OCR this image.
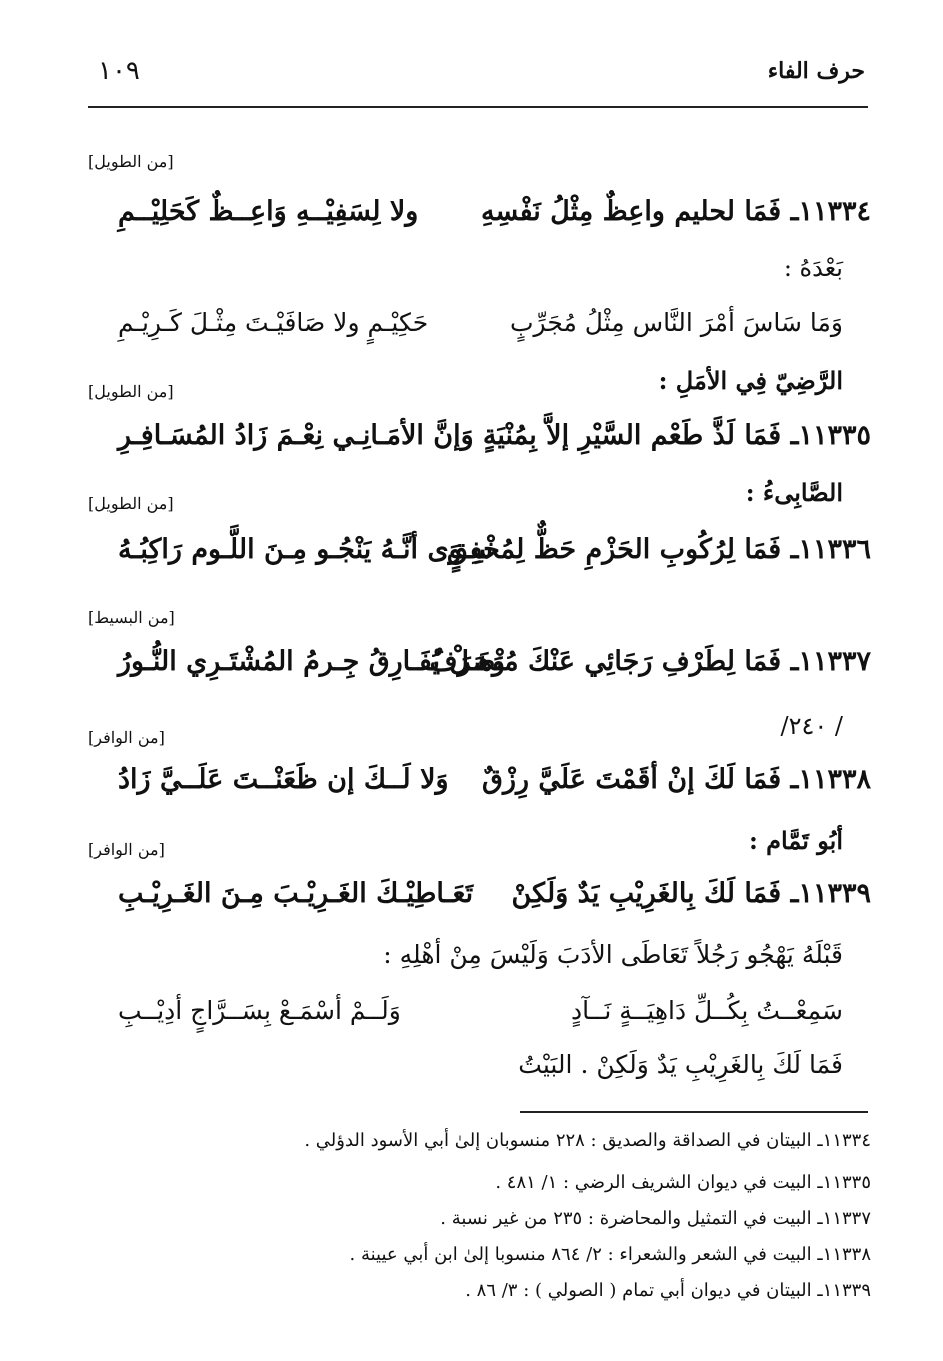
حرف الفاء
١٠٩
[من الطويل]
١١٣٣٤ـ فَمَا لحليم واعِظٌ مِثْلُ نَفْسِهِ
ولا لِسَفِيْــهِ وَاعِــظٌ كَحَلِيْــمِ
بَعْدَهُ :
وَمَا سَاسَ أمْرَ النَّاس مِثْلُ مُجَرِّبٍ
حَكِيْـمٍ ولا صَافَيْـتَ مِثْـلَ كَـرِيْـمِ
الرَّضِيّ فِي الأمَلِ :
[من الطويل]
١١٣٣٥ـ فَمَا لَذَّ طَعْم السَّيْرِ إلاَّ بِمُنْيَةٍ
وَإنَّ الأمَـانِـي نِعْـمَ زَادُ المُسَـافِـرِ
الصَّابِىءُ :
[من الطويل]
١١٣٣٦ـ فَمَا لِرُكُوبِ الحَزْمِ حَظٌّ لِمُخْفِقٍ
سِـوَى أنَّـهُ يَنْجُـو مِـنَ اللَّـوم رَاكِبُـهُ
[من البسيط]
١١٣٣٧ـ فَمَا لِطَرْفِ رَجَائِي عَنْكَ مُنْصَرَفٌ
وَهَـلْ يُفَـارِقُ جِـرمُ المُشْتَـرِي النُّـورُ
/ ٢٤٠/
[من الوافر]
١١٣٣٨ـ فَمَا لَكَ إنْ أقَمْتَ عَلَيَّ رِزْقٌ
وَلا لَــكَ إن ظَعَنْــتَ عَلَــيَّ زَادُ
أبُو تَمَّام :
[من الوافر]
١١٣٣٩ـ فَمَا لَكَ بِالغَرِيْبِ يَدٌ وَلَكِنْ
تَعَـاطِيْـكَ الغَـرِيْـبَ مِـنَ الغَـرِيْـبِ
قَبْلَهُ يَهْجُو رَجُلاً تَعَاطَى الأدَبَ وَلَيْسَ مِنْ أهْلِهِ :
سَمِعْــتُ بِكُــلِّ دَاهِيَــةٍ نَــآدٍ
وَلَــمْ أسْمَـعْ بِسَــرَّاجٍ أدِيْــبِ
فَمَا لَكَ بِالغَرِيْبِ يَدٌ وَلَكِنْ . البَيْتُ
١١٣٣٤ـ البيتان في الصداقة والصديق : ٢٢٨ منسوبان إلىٰ أبي الأسود الدؤلي .
١١٣٣٥ـ البيت في ديوان الشريف الرضي : ١/ ٤٨١ .
١١٣٣٧ـ البيت في التمثيل والمحاضرة : ٢٣٥ من غير نسبة .
١١٣٣٨ـ البيت في الشعر والشعراء : ٢/ ٨٦٤ منسوبا إلىٰ ابن أبي عيينة .
١١٣٣٩ـ البيتان في ديوان أبي تمام ( الصولي ) : ٣/ ٨٦ .
